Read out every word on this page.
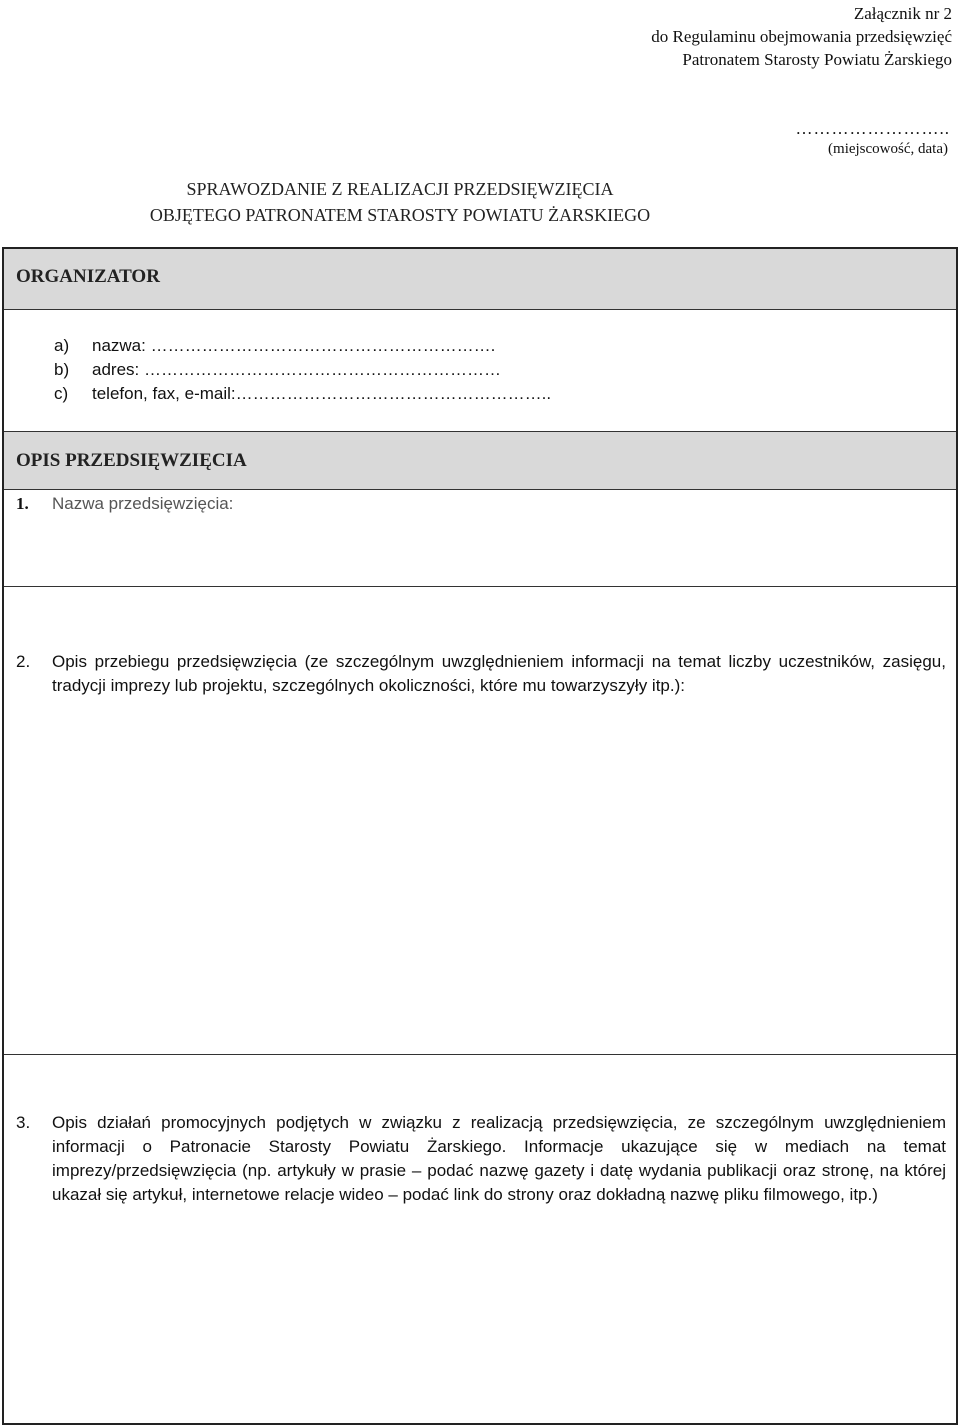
Załącznik nr 2
do Regulaminu obejmowania przedsięwzięć
Patronatem Starosty Powiatu Żarskiego
……………………..
(miejscowość, data)
SPRAWOZDANIE Z REALIZACJI PRZEDSIĘWZIĘCIA
OBJĘTEGO PATRONATEM STAROSTY POWIATU ŻARSKIEGO
ORGANIZATOR
a) nazwa: …………………………………………………….
b) adres: ………………………………………………………
c) telefon, fax, e-mail:………………………………………………..
OPIS PRZEDSIĘWZIĘCIA
1. Nazwa przedsięwzięcia:
2. Opis przebiegu przedsięwzięcia (ze szczególnym uwzględnieniem informacji na temat liczby uczestników, zasięgu, tradycji imprezy lub projektu, szczególnych okoliczności, które mu towarzyszyły itp.):
3. Opis działań promocyjnych podjętych w związku z realizacją przedsięwzięcia, ze szczególnym uwzględnieniem informacji o Patronacie Starosty Powiatu Żarskiego. Informacje ukazujące się w mediach na temat imprezy/przedsięwzięcia (np. artykuły w prasie – podać nazwę gazety i datę wydania publikacji oraz stronę, na której ukazał się artykuł, internetowe relacje wideo – podać link do strony oraz dokładną nazwę pliku filmowego, itp.)
